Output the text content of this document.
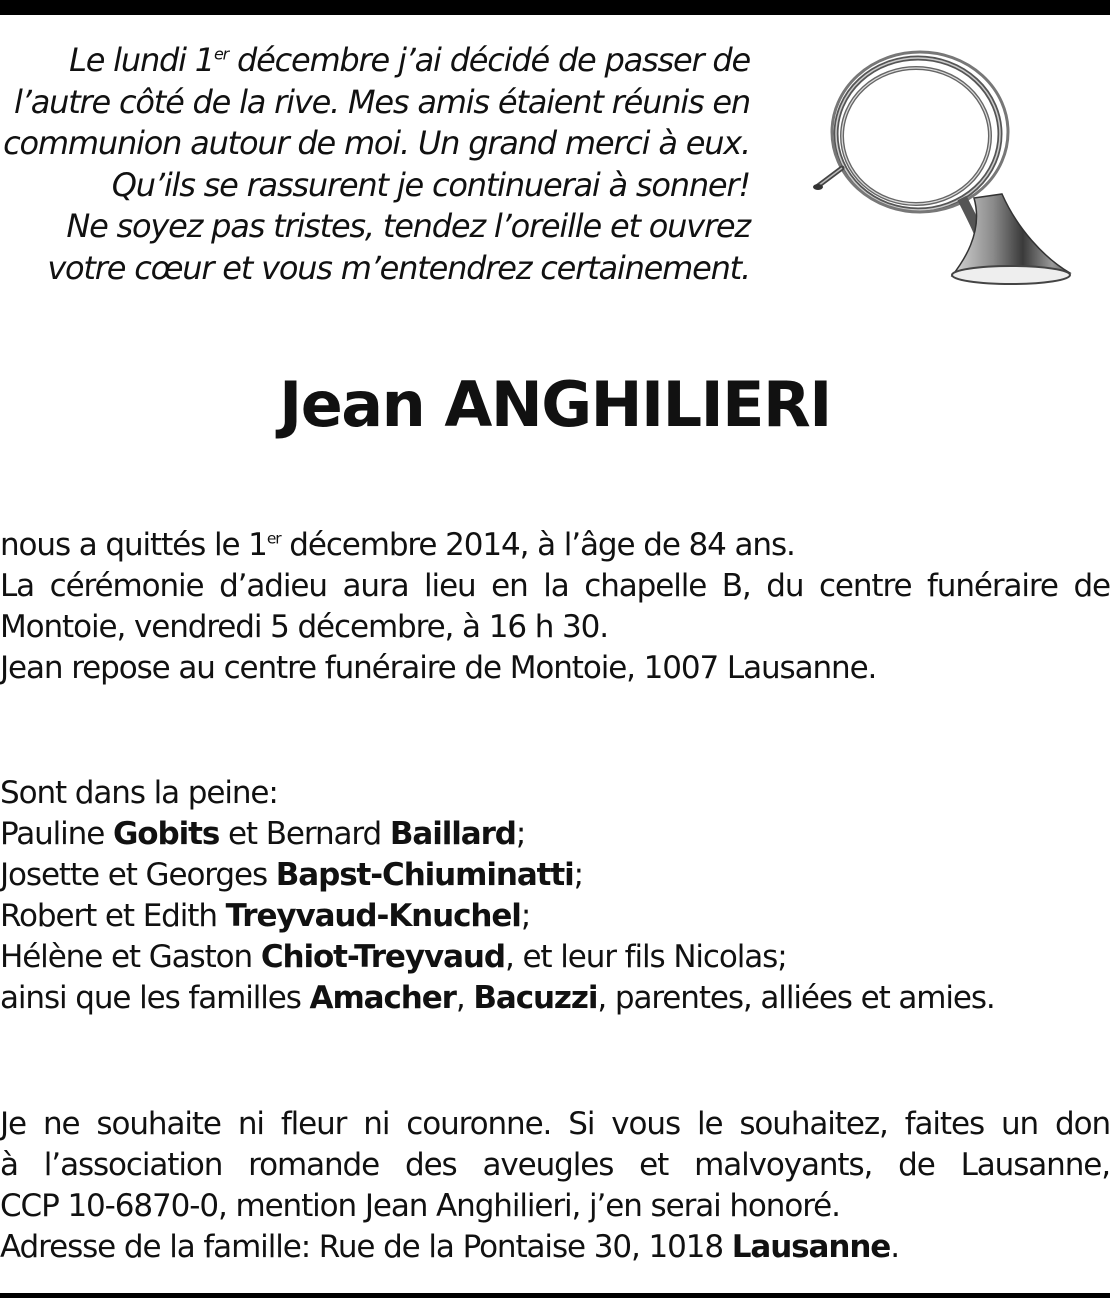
Le lundi 1er décembre j’ai décidé de passer de
l’autre côté de la rive. Mes amis étaient réunis en
communion autour de moi. Un grand merci à eux.
Qu’ils se rassurent je continuerai à sonner!
Ne soyez pas tristes, tendez l’oreille et ouvrez
votre cœur et vous m’entendrez certainement.
Jean ANGHILIERI

nous a quittés le 1er décembre 2014, à l’âge de 84 ans.

La cérémonie d’adieu aura lieu en la chapelle B, du centre funéraire de

Montoie, vendredi 5 décembre, à 16 h 30.

Jean repose au centre funéraire de Montoie, 1007 Lausanne.

Sont dans la peine:

Pauline Gobits et Bernard Baillard;

Josette et Georges Bapst-Chiuminatti;

Robert et Edith Treyvaud-Knuchel;

Hélène et Gaston Chiot-Treyvaud, et leur fils Nicolas;

ainsi que les familles Amacher, Bacuzzi, parentes, alliées et amies.

Je ne souhaite ni fleur ni couronne. Si vous le souhaitez, faites un don

à l’association romande des aveugles et malvoyants, de Lausanne,

CCP 10-6870-0, mention Jean Anghilieri, j’en serai honoré.

Adresse de la famille: Rue de la Pontaise 30, 1018 Lausanne.
